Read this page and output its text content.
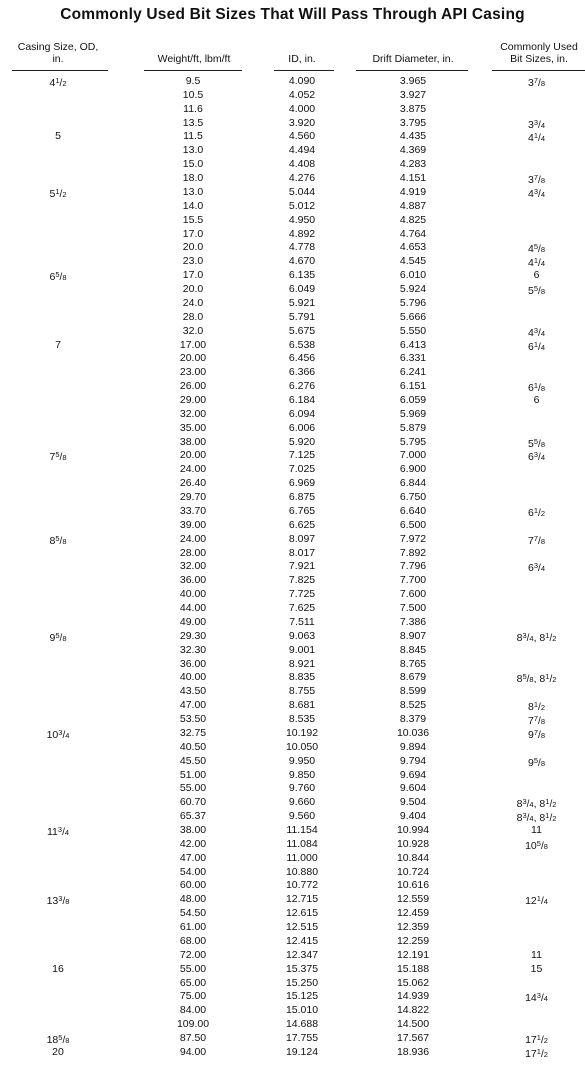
Commonly Used Bit Sizes That Will Pass Through API Casing
Casing Size, OD,
in.	Weight/ft, lbm/ft	ID, in.	Drift Diameter, in.
Commonly Used
Bit Sizes, in.
41/2	9.5	4.090	3.965	37/8
10.5	4.052	3.927
11.6	4.000	3.875
13.5	3.920	3.795	33/4
5	11.5	4.560	4.435	41/4
13.0	4.494	4.369
15.0	4.408	4.283
18.0	4.276	4.151	37/8
51/2	13.0	5.044	4.919	43/4
14.0	5.012	4.887
15.5	4.950	4.825
17.0	4.892	4.764
20.0	4.778	4.653	45/8
23.0	4.670	4.545	41/4
65/8	17.0	6.135	6.010	6
20.0	6.049	5.924	55/8
24.0	5.921	5.796
28.0	5.791	5.666
32.0	5.675	5.550	43/4
7	17.00	6.538	6.413	61/4
20.00	6.456	6.331
23.00	6.366	6.241
26.00	6.276	6.151	61/8
29.00	6.184	6.059	6
32.00	6.094	5.969
35.00	6.006	5.879
38.00	5.920	5.795	55/8
75/8	20.00	7.125	7.000	63/4
24.00	7.025	6.900
26.40	6.969	6.844
29.70	6.875	6.750
33.70	6.765	6.640	61/2
39.00	6.625	6.500
85/8	24.00	8.097	7.972	77/8
28.00	8.017	7.892
32.00	7.921	7.796	63/4
36.00	7.825	7.700
40.00	7.725	7.600
44.00	7.625	7.500
49.00	7.511	7.386
95/8	29.30	9.063	8.907	83/4, 81/2
32.30	9.001	8.845
36.00	8.921	8.765
40.00	8.835	8.679	85/8, 81/2
43.50	8.755	8.599
47.00	8.681	8.525	81/2
53.50	8.535	8.379	77/8
103/4	32.75	10.192	10.036	97/8
40.50	10.050	9.894
45.50	9.950	9.794	95/8
51.00	9.850	9.694
55.00	9.760	9.604
60.70	9.660	9.504	83/4, 81/2
65.37	9.560	9.404	83/4, 81/2
113/4	38.00	11.154	10.994	11
42.00	11.084	10.928	105/8
47.00	11.000	10.844
54.00	10.880	10.724
60.00	10.772	10.616
133/8	48.00	12.715	12.559	121/4
54.50	12.615	12.459
61.00	12.515	12.359
68.00	12.415	12.259
72.00	12.347	12.191	11
16	55.00	15.375	15.188	15
65.00	15.250	15.062
75.00	15.125	14.939	143/4
84.00	15.010	14.822
109.00	14.688	14.500
185/8	87.50	17.755	17.567	171/2
20	94.00	19.124	18.936	171/2
